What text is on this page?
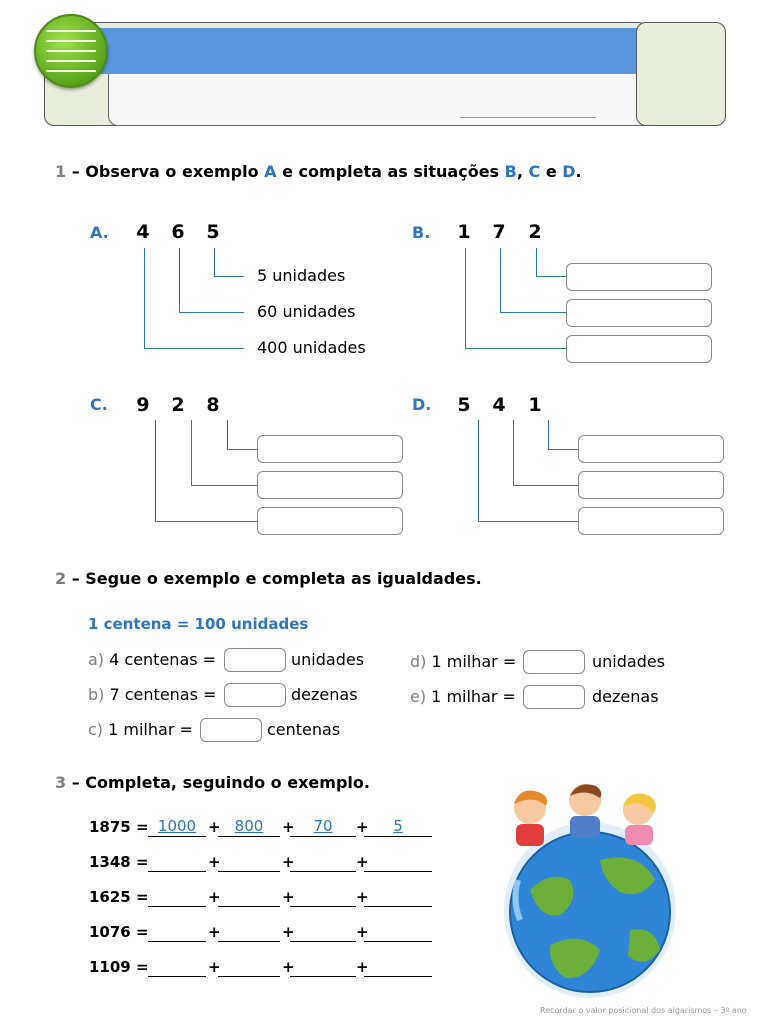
1 – Observa o exemplo A e completa as situações B, C e D.
A. 4 6 5
5 unidades
60 unidades
400 unidades
B. 1 7 2
C. 9 2 8	D. 5 4 1
2 – Segue o exemplo e completa as igualdades.
1 centena = 100 unidades
a) 4 centenas =	unidades
b) 7 centenas =	dezenas
c) 1 milhar =	centenas
d) 1 milhar =	unidades
e) 1 milhar =	dezenas
3 – Completa, seguindo o exemplo.
1875 = 1000 + 800	+	70	+	5
1348 =	+	+	+
1625 =	+	+	+
1076 =	+	+	+
1109 =	+	+	+
Recordar o valor posicional dos algarismos – 3º ano
